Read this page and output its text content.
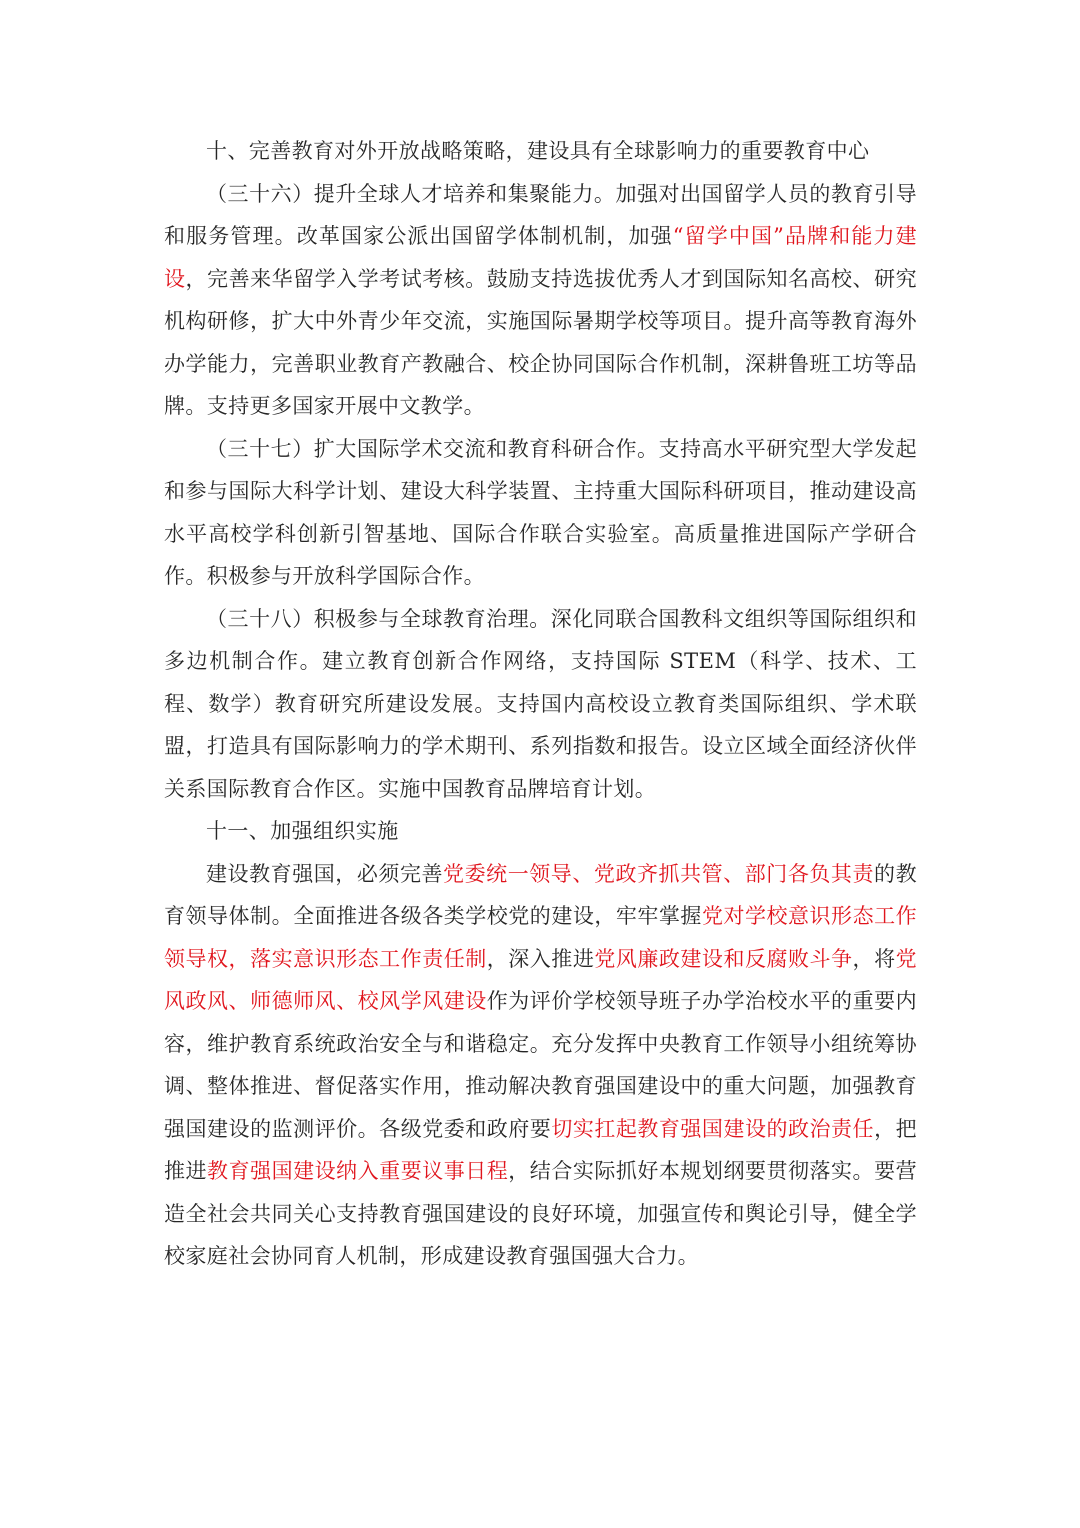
十、完善教育对外开放战略策略，建设具有全球影响力的重要教育中心

（三十六）提升全球人才培养和集聚能力。加强对出国留学人员的教育引导和服务管理。改革国家公派出国留学体制机制，加强“留学中国”品牌和能力建设，完善来华留学入学考试考核。鼓励支持选拔优秀人才到国际知名高校、研究机构研修，扩大中外青少年交流，实施国际暑期学校等项目。提升高等教育海外办学能力，完善职业教育产教融合、校企协同国际合作机制，深耕鲁班工坊等品牌。支持更多国家开展中文教学。

（三十七）扩大国际学术交流和教育科研合作。支持高水平研究型大学发起和参与国际大科学计划、建设大科学装置、主持重大国际科研项目，推动建设高水平高校学科创新引智基地、国际合作联合实验室。高质量推进国际产学研合作。积极参与开放科学国际合作。

（三十八）积极参与全球教育治理。深化同联合国教科文组织等国际组织和多边机制合作。建立教育创新合作网络，支持国际 STEM（科学、技术、工程、数学）教育研究所建设发展。支持国内高校设立教育类国际组织、学术联盟，打造具有国际影响力的学术期刊、系列指数和报告。设立区域全面经济伙伴关系国际教育合作区。实施中国教育品牌培育计划。

十一、加强组织实施

建设教育强国，必须完善党委统一领导、党政齐抓共管、部门各负其责的教育领导体制。全面推进各级各类学校党的建设，牢牢掌握党对学校意识形态工作领导权，落实意识形态工作责任制，深入推进党风廉政建设和反腐败斗争，将党风政风、师德师风、校风学风建设作为评价学校领导班子办学治校水平的重要内容，维护教育系统政治安全与和谐稳定。充分发挥中央教育工作领导小组统筹协调、整体推进、督促落实作用，推动解决教育强国建设中的重大问题，加强教育强国建设的监测评价。各级党委和政府要切实扛起教育强国建设的政治责任，把推进教育强国建设纳入重要议事日程，结合实际抓好本规划纲要贯彻落实。要营造全社会共同关心支持教育强国建设的良好环境，加强宣传和舆论引导，健全学校家庭社会协同育人机制，形成建设教育强国强大合力。
